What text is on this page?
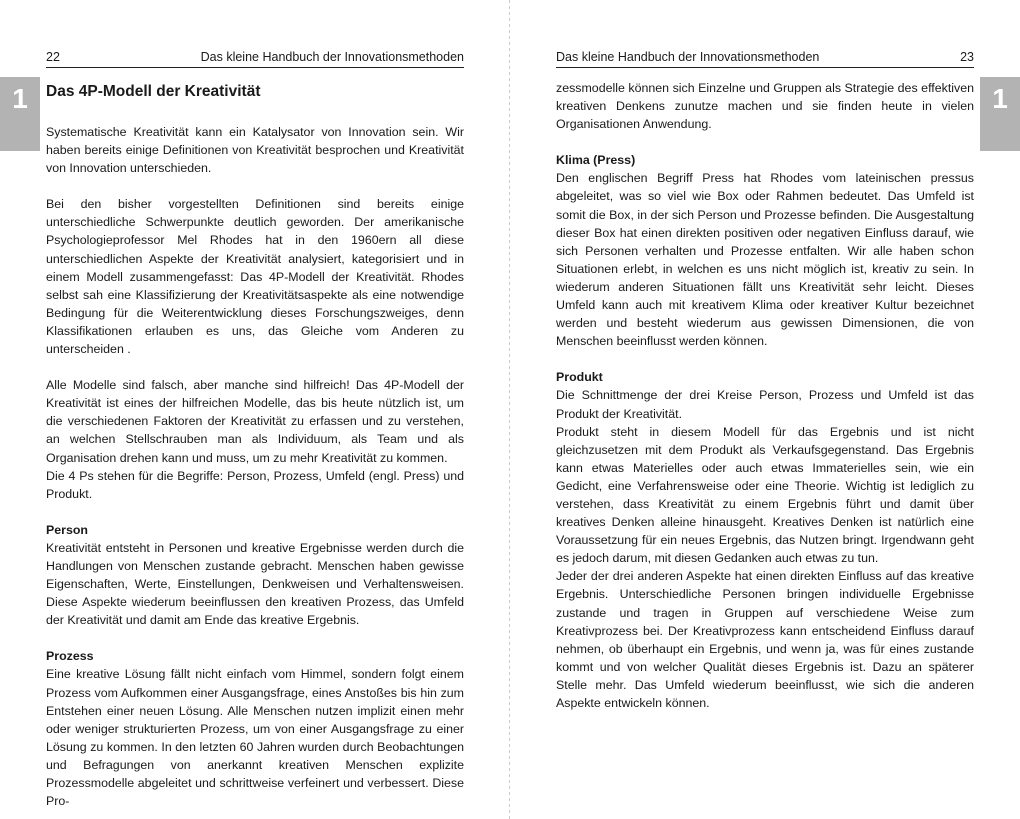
22	Das kleine Handbuch der Innovationsmethoden
1	Das 4P-Modell der Kreativität

Systematische Kreativität kann ein Katalysator von Innovation sein. Wir haben bereits einige Definitionen von Kreativität besprochen und Kreativität von Innovation unterschieden.

Bei den bisher vorgestellten Definitionen sind bereits einige unterschiedliche Schwerpunkte deutlich geworden. Der amerikanische Psychologieprofessor Mel Rhodes hat in den 1960ern all diese unterschiedlichen Aspekte der Kreativität analysiert, kategorisiert und in einem Modell zusammengefasst: Das 4P-Modell der Kreativität. Rhodes selbst sah eine Klassifizierung der Kreativitätsaspekte als eine notwendige Bedingung für die Weiterentwicklung dieses Forschungszweiges, denn Klassifikationen erlauben es uns, das Gleiche vom Anderen zu unterscheiden .

Alle Modelle sind falsch, aber manche sind hilfreich! Das 4P-Modell der Kreativität ist eines der hilfreichen Modelle, das bis heute nützlich ist, um die verschiedenen Faktoren der Kreativität zu erfassen und zu verstehen, an welchen Stellschrauben man als Individuum, als Team und als Organisation drehen kann und muss, um zu mehr Kreativität zu kommen.

Die 4 Ps stehen für die Begriffe: Person, Prozess, Umfeld (engl. Press) und Produkt.

Person

Kreativität entsteht in Personen und kreative Ergebnisse werden durch die Handlungen von Menschen zustande gebracht. Menschen haben gewisse Eigenschaften, Werte, Einstellungen, Denkweisen und Verhaltensweisen. Diese Aspekte wiederum beeinflussen den kreativen Prozess, das Umfeld der Kreativität und damit am Ende das kreative Ergebnis.

Prozess

Eine kreative Lösung fällt nicht einfach vom Himmel, sondern folgt einem Prozess vom Aufkommen einer Ausgangsfrage, eines Anstoßes bis hin zum Entstehen einer neuen Lösung. Alle Menschen nutzen implizit einen mehr oder weniger strukturierten Prozess, um von einer Ausgangsfrage zu einer Lösung zu kommen. In den letzten 60 Jahren wurden durch Beobachtungen und Befragungen von anerkannt kreativen Menschen explizite Prozessmodelle abgeleitet und schrittweise verfeinert und verbessert. Diese Pro-

Das kleine Handbuch der Innovationsmethoden	23
1

zessmodelle können sich Einzelne und Gruppen als Strategie des effektiven kreativen Denkens zunutze machen und sie finden heute in vielen Organisationen Anwendung.

Klima (Press)

Den englischen Begriff Press hat Rhodes vom lateinischen pressus abgeleitet, was so viel wie Box oder Rahmen bedeutet. Das Umfeld ist somit die Box, in der sich Person und Prozesse befinden. Die Ausgestaltung dieser Box hat einen direkten positiven oder negativen Einfluss darauf, wie sich Personen verhalten und Prozesse entfalten. Wir alle haben schon Situationen erlebt, in welchen es uns nicht möglich ist, kreativ zu sein. In wiederum anderen Situationen fällt uns Kreativität sehr leicht. Dieses Umfeld kann auch mit kreativem Klima oder kreativer Kultur bezeichnet werden und besteht wiederum aus gewissen Dimensionen, die von Menschen beeinflusst werden können.

Produkt

Die Schnittmenge der drei Kreise Person, Prozess und Umfeld ist das Produkt der Kreativität.

Produkt steht in diesem Modell für das Ergebnis und ist nicht gleichzusetzen mit dem Produkt als Verkaufsgegenstand. Das Ergebnis kann etwas Materielles oder auch etwas Immaterielles sein, wie ein Gedicht, eine Verfahrensweise oder eine Theorie. Wichtig ist lediglich zu verstehen, dass Kreativität zu einem Ergebnis führt und damit über kreatives Denken alleine hinausgeht. Kreatives Denken ist natürlich eine Voraussetzung für ein neues Ergebnis, das Nutzen bringt. Irgendwann geht es jedoch darum, mit diesen Gedanken auch etwas zu tun.

Jeder der drei anderen Aspekte hat einen direkten Einfluss auf das kreative Ergebnis. Unterschiedliche Personen bringen individuelle Ergebnisse zustande und tragen in Gruppen auf verschiedene Weise zum Kreativprozess bei. Der Kreativprozess kann entscheidend Einfluss darauf nehmen, ob überhaupt ein Ergebnis, und wenn ja, was für eines zustande kommt und von welcher Qualität dieses Ergebnis ist. Dazu an späterer Stelle mehr. Das Umfeld wiederum beeinflusst, wie sich die anderen Aspekte entwickeln können.
